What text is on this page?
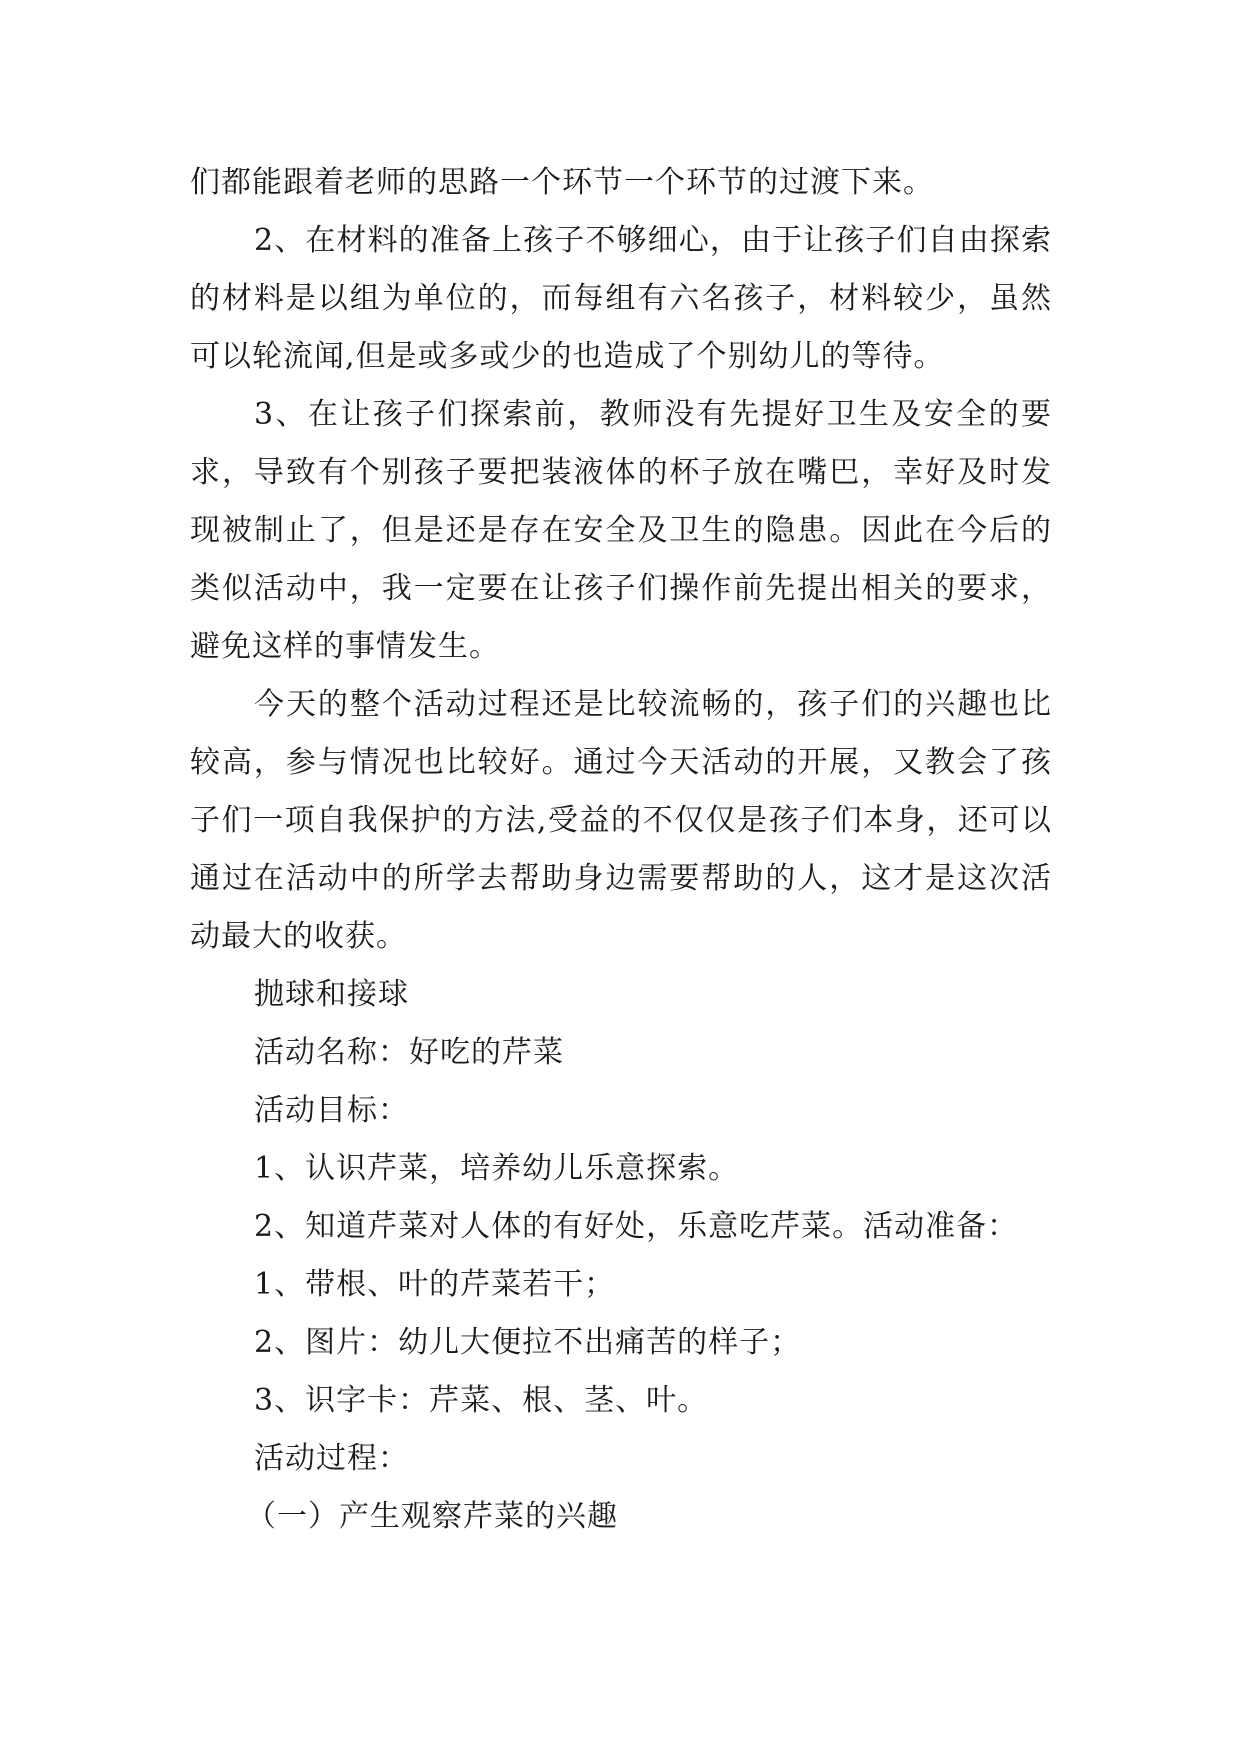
们都能跟着老师的思路一个环节一个环节的过渡下来。

2、在材料的准备上孩子不够细心，由于让孩子们自由探索的材料是以组为单位的，而每组有六名孩子，材料较少，虽然可以轮流闻,但是或多或少的也造成了个别幼儿的等待。

3、在让孩子们探索前，教师没有先提好卫生及安全的要求，导致有个别孩子要把装液体的杯子放在嘴巴，幸好及时发现被制止了，但是还是存在安全及卫生的隐患。因此在今后的类似活动中，我一定要在让孩子们操作前先提出相关的要求，避免这样的事情发生。

今天的整个活动过程还是比较流畅的，孩子们的兴趣也比较高，参与情况也比较好。通过今天活动的开展，又教会了孩子们一项自我保护的方法,受益的不仅仅是孩子们本身，还可以通过在活动中的所学去帮助身边需要帮助的人，这才是这次活动最大的收获。

抛球和接球

活动名称：好吃的芹菜

活动目标：

1、认识芹菜，培养幼儿乐意探索。

2、知道芹菜对人体的有好处，乐意吃芹菜。活动准备：

1、带根、叶的芹菜若干；

2、图片：幼儿大便拉不出痛苦的样子；

3、识字卡：芹菜、根、茎、叶。

活动过程：

（一）产生观察芹菜的兴趣
